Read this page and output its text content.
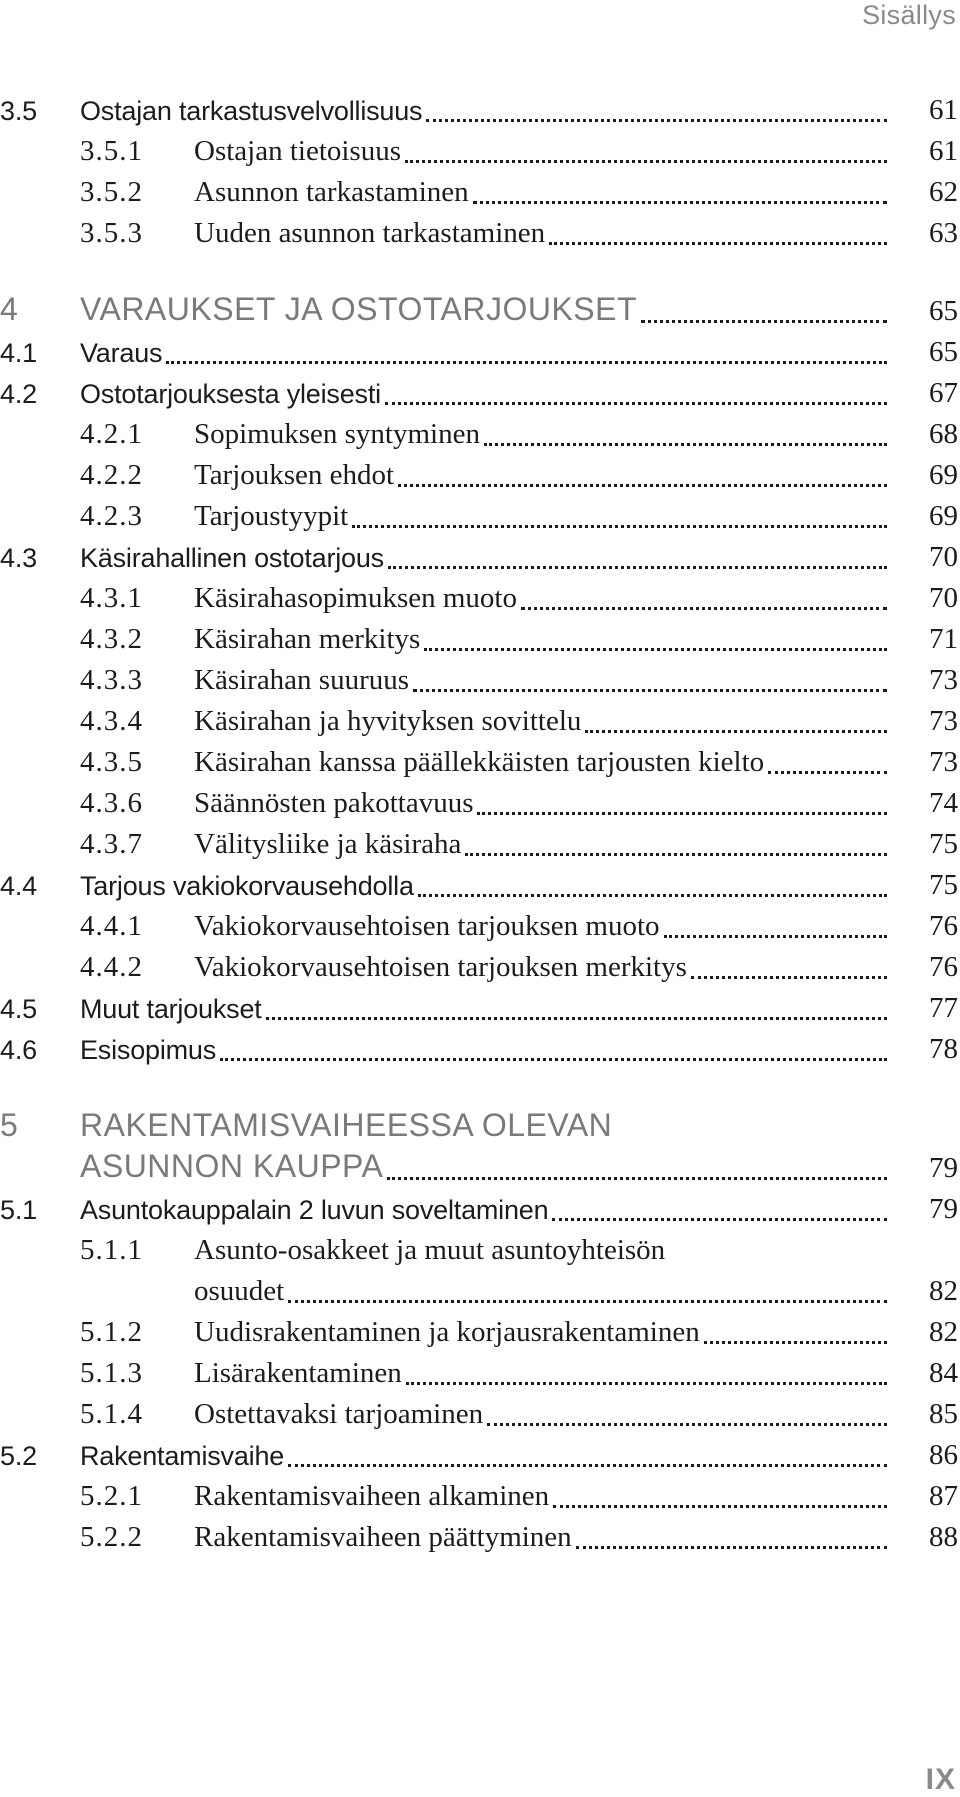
Sisällys
3.5 Ostajan tarkastusvelvollisuus	61
3.5.1 Ostajan tietoisuus	61
3.5.2 Asunnon tarkastaminen	62
3.5.3 Uuden asunnon tarkastaminen	63
4 VARAUKSET JA OSTOTARJOUKSET	65
4.1 Varaus	65
4.2 Ostotarjouksesta yleisesti	67
4.2.1 Sopimuksen syntyminen	68
4.2.2 Tarjouksen ehdot	69
4.2.3 Tarjoustyypit	69
4.3 Käsirahallinen ostotarjous	70
4.3.1 Käsirahasopimuksen muoto	70
4.3.2 Käsirahan merkitys	71
4.3.3 Käsirahan suuruus	73
4.3.4 Käsirahan ja hyvityksen sovittelu	73
4.3.5 Käsirahan kanssa päällekkäisten tarjousten kielto	73
4.3.6 Säännösten pakottavuus	74
4.3.7 Välitysliike ja käsiraha	75
4.4 Tarjous vakiokorvausehdolla	75
4.4.1 Vakiokorvausehtoisen tarjouksen muoto	76
4.4.2 Vakiokorvausehtoisen tarjouksen merkitys	76
4.5 Muut tarjoukset	77
4.6 Esisopimus	78
5 RAKENTAMISVAIHEESSA OLEVAN
ASUNNON KAUPPA	79
5.1 Asuntokauppalain 2 luvun soveltaminen	79
5.1.1 Asunto-osakkeet ja muut asuntoyhteisön
osuudet	82
5.1.2 Uudisrakentaminen ja korjausrakentaminen	82
5.1.3 Lisärakentaminen	84
5.1.4 Ostettavaksi tarjoaminen	85
5.2 Rakentamisvaihe	86
5.2.1 Rakentamisvaiheen alkaminen	87
5.2.2 Rakentamisvaiheen päättyminen	88
IX
